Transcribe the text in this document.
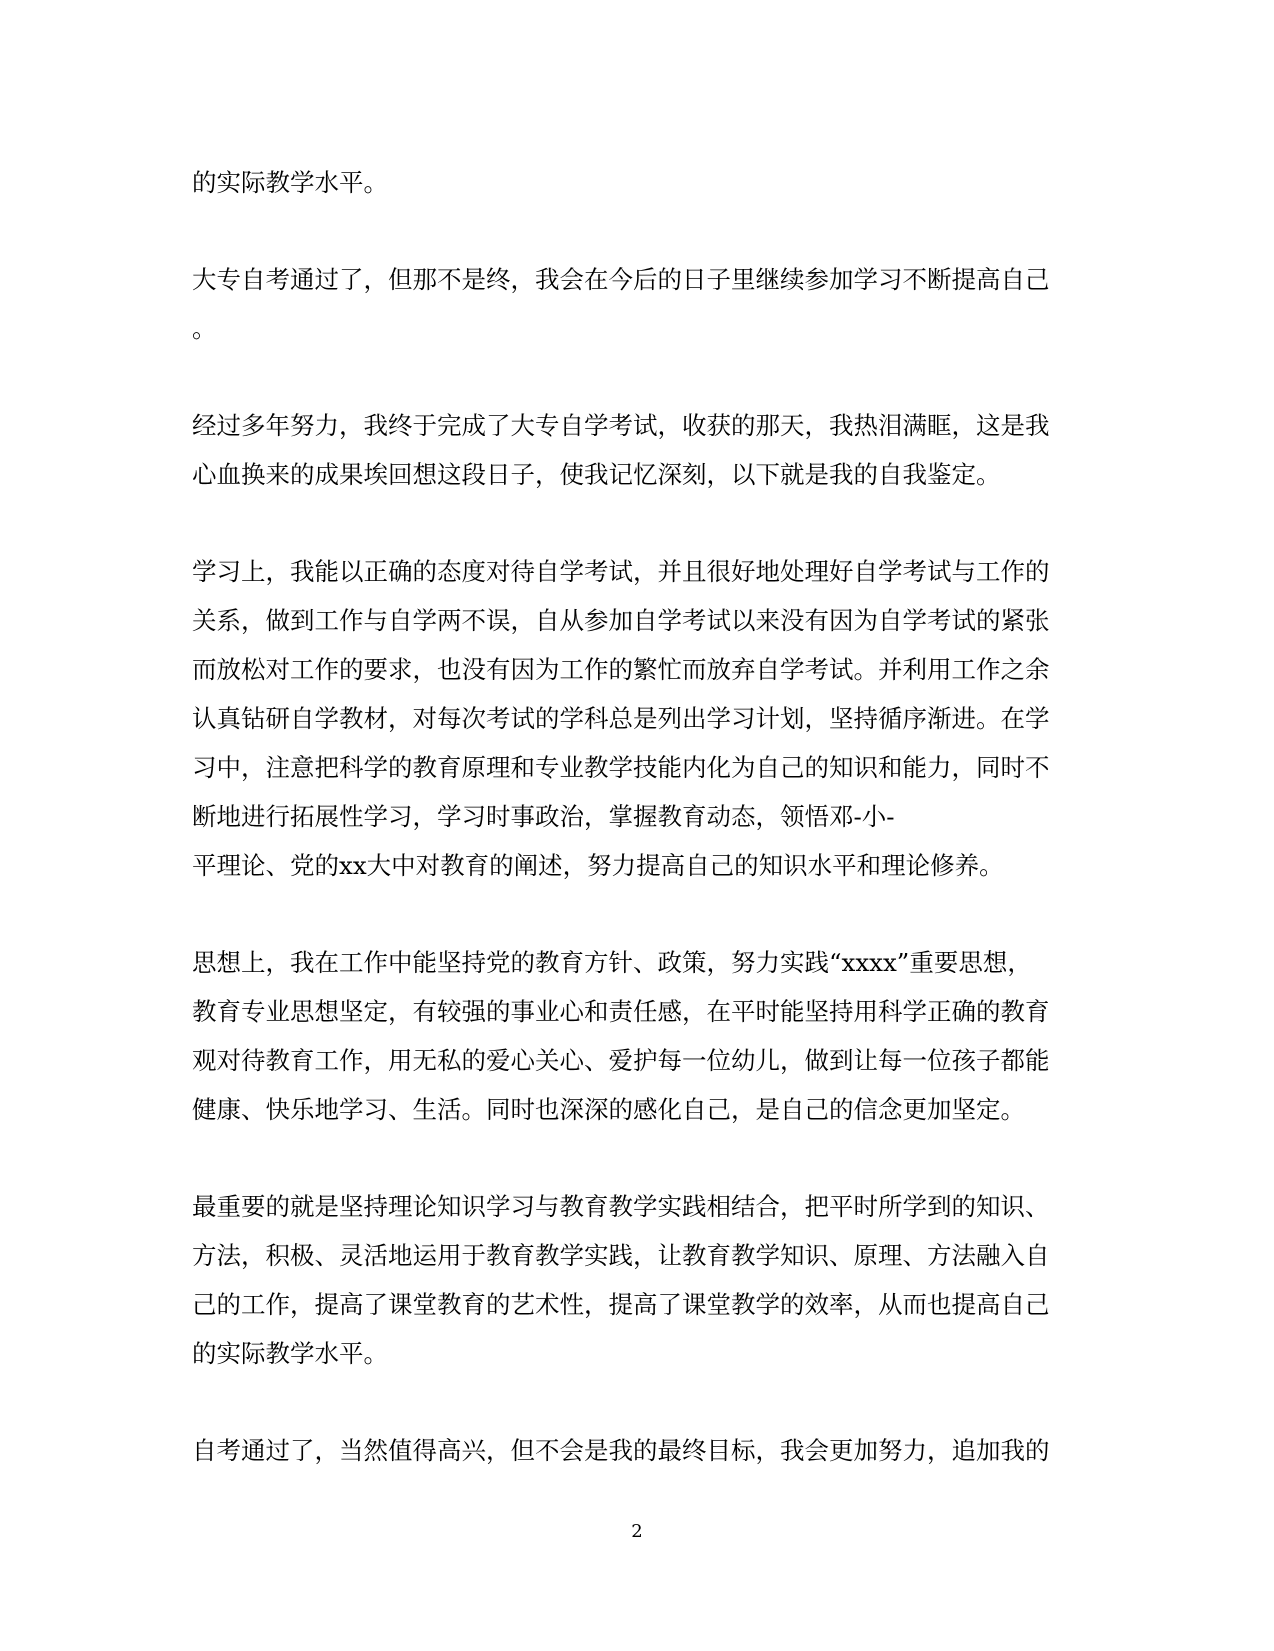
的实际教学水平。

大专自考通过了，但那不是终，我会在今后的日子里继续参加学习不断提高自己
。

经过多年努力，我终于完成了大专自学考试，收获的那天，我热泪满眶，这是我
心血换来的成果埃回想这段日子，使我记忆深刻，以下就是我的自我鉴定。

学习上，我能以正确的态度对待自学考试，并且很好地处理好自学考试与工作的
关系，做到工作与自学两不误，自从参加自学考试以来没有因为自学考试的紧张
而放松对工作的要求，也没有因为工作的繁忙而放弃自学考试。并利用工作之余
认真钻研自学教材，对每次考试的学科总是列出学习计划，坚持循序渐进。在学
习中，注意把科学的教育原理和专业教学技能内化为自己的知识和能力，同时不
断地进行拓展性学习，学习时事政治，掌握教育动态，领悟邓-小-
平理论、党的xx大中对教育的阐述，努力提高自己的知识水平和理论修养。

思想上，我在工作中能坚持党的教育方针、政策，努力实践“xxxx”重要思想，
教育专业思想坚定，有较强的事业心和责任感，在平时能坚持用科学正确的教育
观对待教育工作，用无私的爱心关心、爱护每一位幼儿，做到让每一位孩子都能
健康、快乐地学习、生活。同时也深深的感化自己，是自己的信念更加坚定。

最重要的就是坚持理论知识学习与教育教学实践相结合，把平时所学到的知识、
方法，积极、灵活地运用于教育教学实践，让教育教学知识、原理、方法融入自
己的工作，提高了课堂教育的艺术性，提高了课堂教学的效率，从而也提高自己
的实际教学水平。

自考通过了，当然值得高兴，但不会是我的最终目标，我会更加努力，追加我的

2
